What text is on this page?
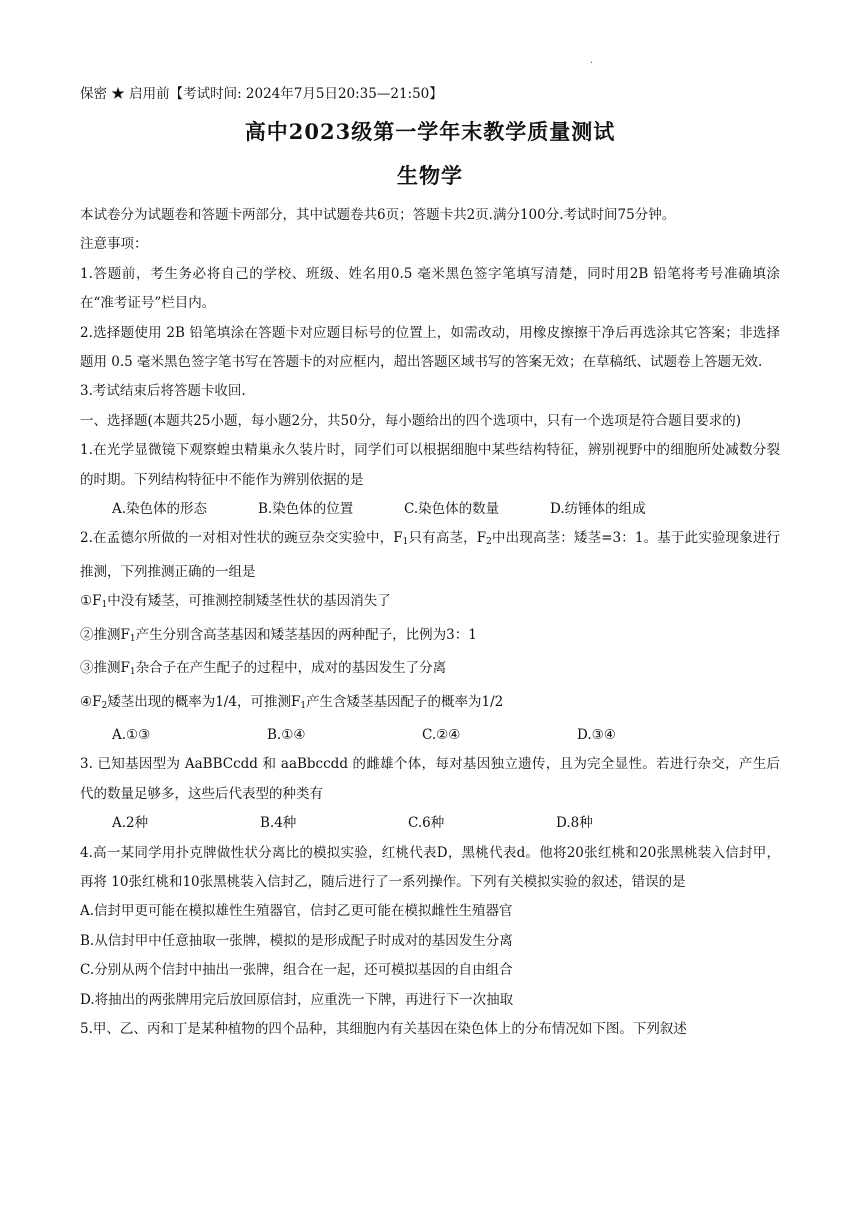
·
保密 ★ 启用前【考试时间: 2024年7月5日20:35—21:50】
高中2023级第一学年末教学质量测试
生物学
本试卷分为试题卷和答题卡两部分，其中试题卷共6页；答题卡共2页.满分100分.考试时间75分钟。
注意事项：
1.答题前，考生务必将自己的学校、班级、姓名用0.5 毫米黑色签字笔填写清楚，同时用2B 铅笔将考号准确填涂在“准考证号”栏目内。
2.选择题使用 2B 铅笔填涂在答题卡对应题目标号的位置上，如需改动，用橡皮擦擦干净后再选涂其它答案；非选择题用 0.5 毫米黑色签字笔书写在答题卡的对应框内，超出答题区域书写的答案无效；在草稿纸、试题卷上答题无效.
3.考试结束后将答题卡收回.
一、选择题(本题共25小题，每小题2分，共50分，每小题给出的四个选项中，只有一个选项是符合题目要求的)
1.在光学显微镜下观察蝗虫精巢永久装片时，同学们可以根据细胞中某些结构特征，辨别视野中的细胞所处减数分裂的时期。下列结构特征中不能作为辨别依据的是
A.染色体的形态	B.染色体的位置	C.染色体的数量	D.纺锤体的组成
2.在孟德尔所做的一对相对性状的豌豆杂交实验中，$F_1$只有高茎，$F_2$中出现高茎：矮茎=3：1。基于此实验现象进行推测，下列推测正确的一组是
$①F_1$中没有矮茎，可推测控制矮茎性状的基因消失了
②推测$F_1$产生分别含高茎基因和矮茎基因的两种配子，比例为3：1
③推测$F_1$杂合子在产生配子的过程中，成对的基因发生了分离
$④F_2$矮茎出现的概率为1/4，可推测$F_1$产生含矮茎基因配子的概率为1/2
A.①③	B.①④	C.②④	D.③④
3. 已知基因型为 AaBBCcdd 和 aaBbccdd 的雌雄个体，每对基因独立遗传，且为完全显性。若进行杂交，产生后代的数量足够多，这些后代表型的种类有
A.2种	B.4种	C.6种	D.8种
4.高一某同学用扑克牌做性状分离比的模拟实验，红桃代表D，黑桃代表d。他将20张红桃和20张黑桃装入信封甲，再将 10张红桃和10张黑桃装入信封乙，随后进行了一系列操作。下列有关模拟实验的叙述，错误的是
A.信封甲更可能在模拟雄性生殖器官，信封乙更可能在模拟雌性生殖器官
B.从信封甲中任意抽取一张牌，模拟的是形成配子时成对的基因发生分离
C.分别从两个信封中抽出一张牌，组合在一起，还可模拟基因的自由组合
D.将抽出的两张牌用完后放回原信封，应重洗一下牌，再进行下一次抽取
5.甲、乙、丙和丁是某种植物的四个品种，其细胞内有关基因在染色体上的分布情况如下图。下列叙述
